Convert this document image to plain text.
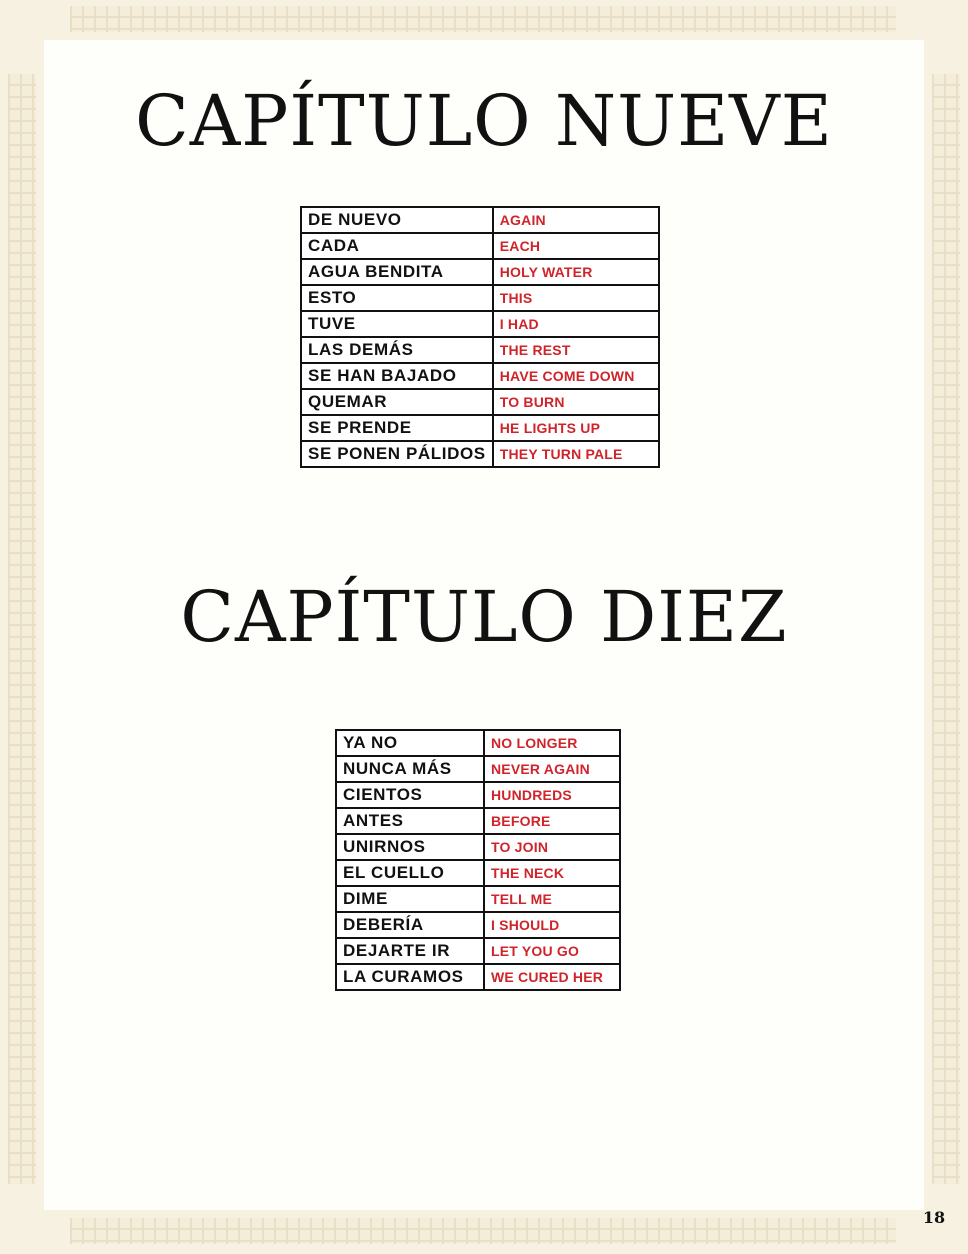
CAPÍTULO NUEVE
DE NUEVO	AGAIN
CADA	EACH
AGUA BENDITA	HOLY WATER
ESTO	THIS
TUVE	I HAD
LAS DEMÁS	THE REST
SE HAN BAJADO	HAVE COME DOWN
QUEMAR	TO BURN
SE PRENDE	HE LIGHTS UP
SE PONEN PÁLIDOS	THEY TURN PALE
CAPÍTULO DIEZ
YA NO	NO LONGER
NUNCA MÁS	NEVER AGAIN
CIENTOS	HUNDREDS
ANTES	BEFORE
UNIRNOS	TO JOIN
EL CUELLO	THE NECK
DIME	TELL ME
DEBERÍA	I SHOULD
DEJARTE IR	LET YOU GO
LA CURAMOS	WE CURED HER
18
